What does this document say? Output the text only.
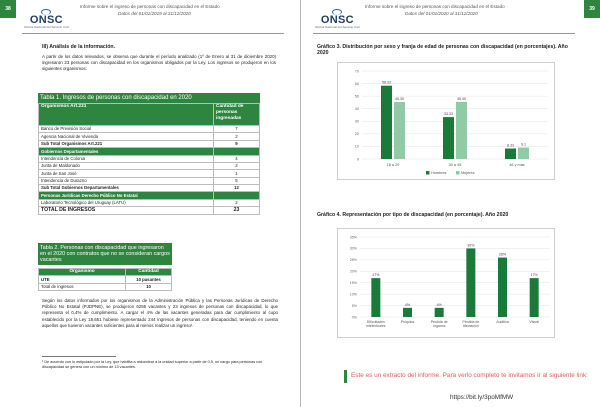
38	Informe sobre el ingreso de personas con discapacidad en el Estado
Datos del 01/01/2019 al 31/12/2020
ONSC
Oficina Nacional del Servicio Civil
III) Análisis de la información.
A partir de los datos relevados, se observa que durante el período analizado (1º de Enero al 31 de diciembre 2020) ingresaron 23 personas con discapacidad en los organismos obligados por la Ley. Los ingresos se produjeron en los siguientes organismos:
Tabla 1. Ingresos de personas con discapacidad en 2020
Organismos Art.221	Cantidad de personas ingresadas
Banco de Previsión Social	7
Agencia Nacional de Vivienda	2
Sub Total Organismos Art.221	9
Gobiernos Departamentales	
Intendencia de Colonia	4
Junta de Maldonado	2
Junta de San José	1
Intendencia de Durazno	5
Sub Total Gobiernos Departamentales	12
Personas Jurídicas Derecho Público No Estatal	
Laboratorio Tecnológico del Uruguay (LATU)	2
TOTAL DE INGRESOS	23
Tabla 2. Personas con discapacidad que ingresaron en el 2020 con contratos que no se consideran cargos vacantes
Organismo	Cantidad
UTE	10 pasantes
Total de ingresos	10
Según los datos informados por los organismos de la Administración Pública y las Personas Jurídicas de Derecho Público No Estatal (PJDPNE), se produjeron 6255 vacantes y 23 ingresos de personas con discapacidad, lo que representa el 0,4% de cumplimiento. A cargar el 4% de las vacantes generadas para dar cumplimiento al cupo establecido por la Ley 18.651 hubiese representado 244 ingresos de personas con discapacidad, teniendo en cuenta aquellos que tuvieron vacantes suficientes para al menos realizar un ingreso¹.
¹ De acuerdo con lo estipulado por la Ley, que habilita a redondear a la unidad superior a partir de 0,5, un cargo para personas con discapacidad se genera con un mínimo de 13 vacantes.
39
Informe sobre el ingreso de personas con discapacidad en el Estado
Datos del 01/01/2020 al 31/12/2020
ONSC
Oficina Nacional del Servicio Civil
Gráfico 3. Distribución por sexo y franja de edad de personas con discapacidad (en porcentajes). Año 2020
0
10
20
30
40
50
60
70
18 a 29
58.33
45.30
30 a 45
33.33
45.45
46 y más
8.33 9.1
Hombres	Mujeres
Gráfico 4. Representación por tipo de discapacidad (en porcentaje). Año 2020
0%
5%
10%
15%
20%
25%
30%
35%
17%
Dificultades intelectuales
4%
Psíquica
4%
Pérdida de órganos
30%
Pérdida de afectación
26%
Auditiva
17%
Visual
Este es un extracto del informe. Para verlo completo te invitamos ir al siguiente link:
https://bit.ly/3poMfMW
